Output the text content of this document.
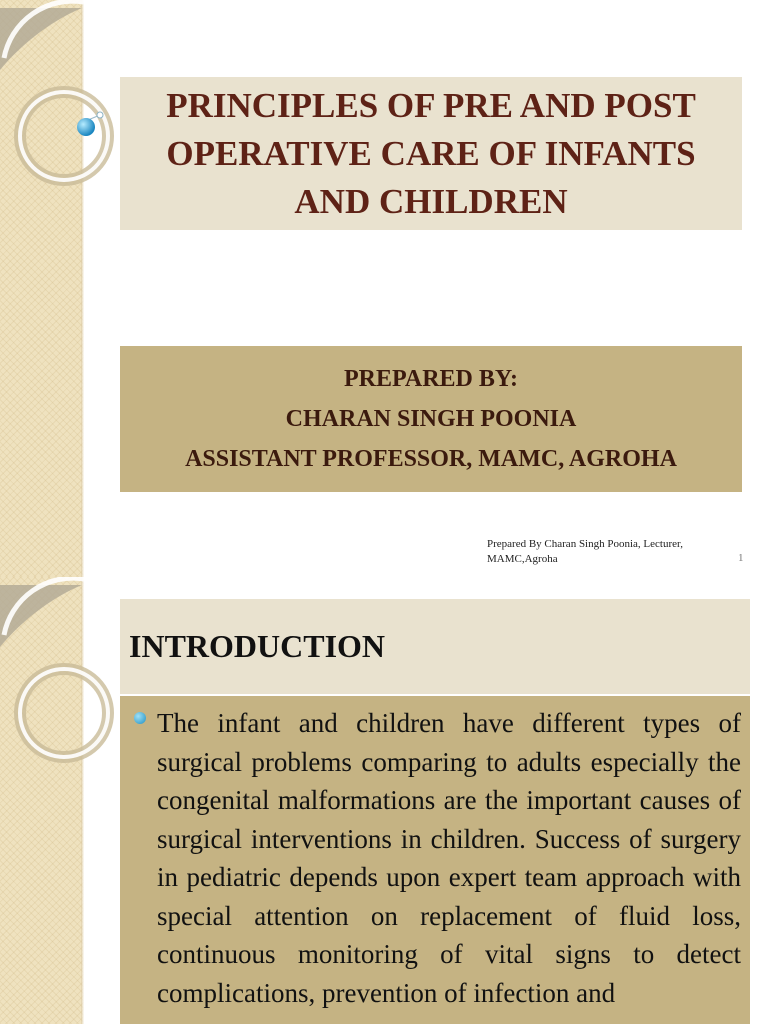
PRINCIPLES OF PRE AND POST OPERATIVE CARE OF INFANTS AND CHILDREN
PREPARED BY:
CHARAN SINGH POONIA
ASSISTANT PROFESSOR, MAMC, AGROHA
Prepared By Charan Singh Poonia, Lecturer,
MAMC,Agroha	1
INTRODUCTION

The infant and children have different types of surgical problems comparing to adults especially the congenital malformations are the important causes of surgical interventions in children. Success of surgery in pediatric depends upon expert team approach with special attention on replacement of fluid loss, continuous monitoring of vital signs to detect complications, prevention of infection and
